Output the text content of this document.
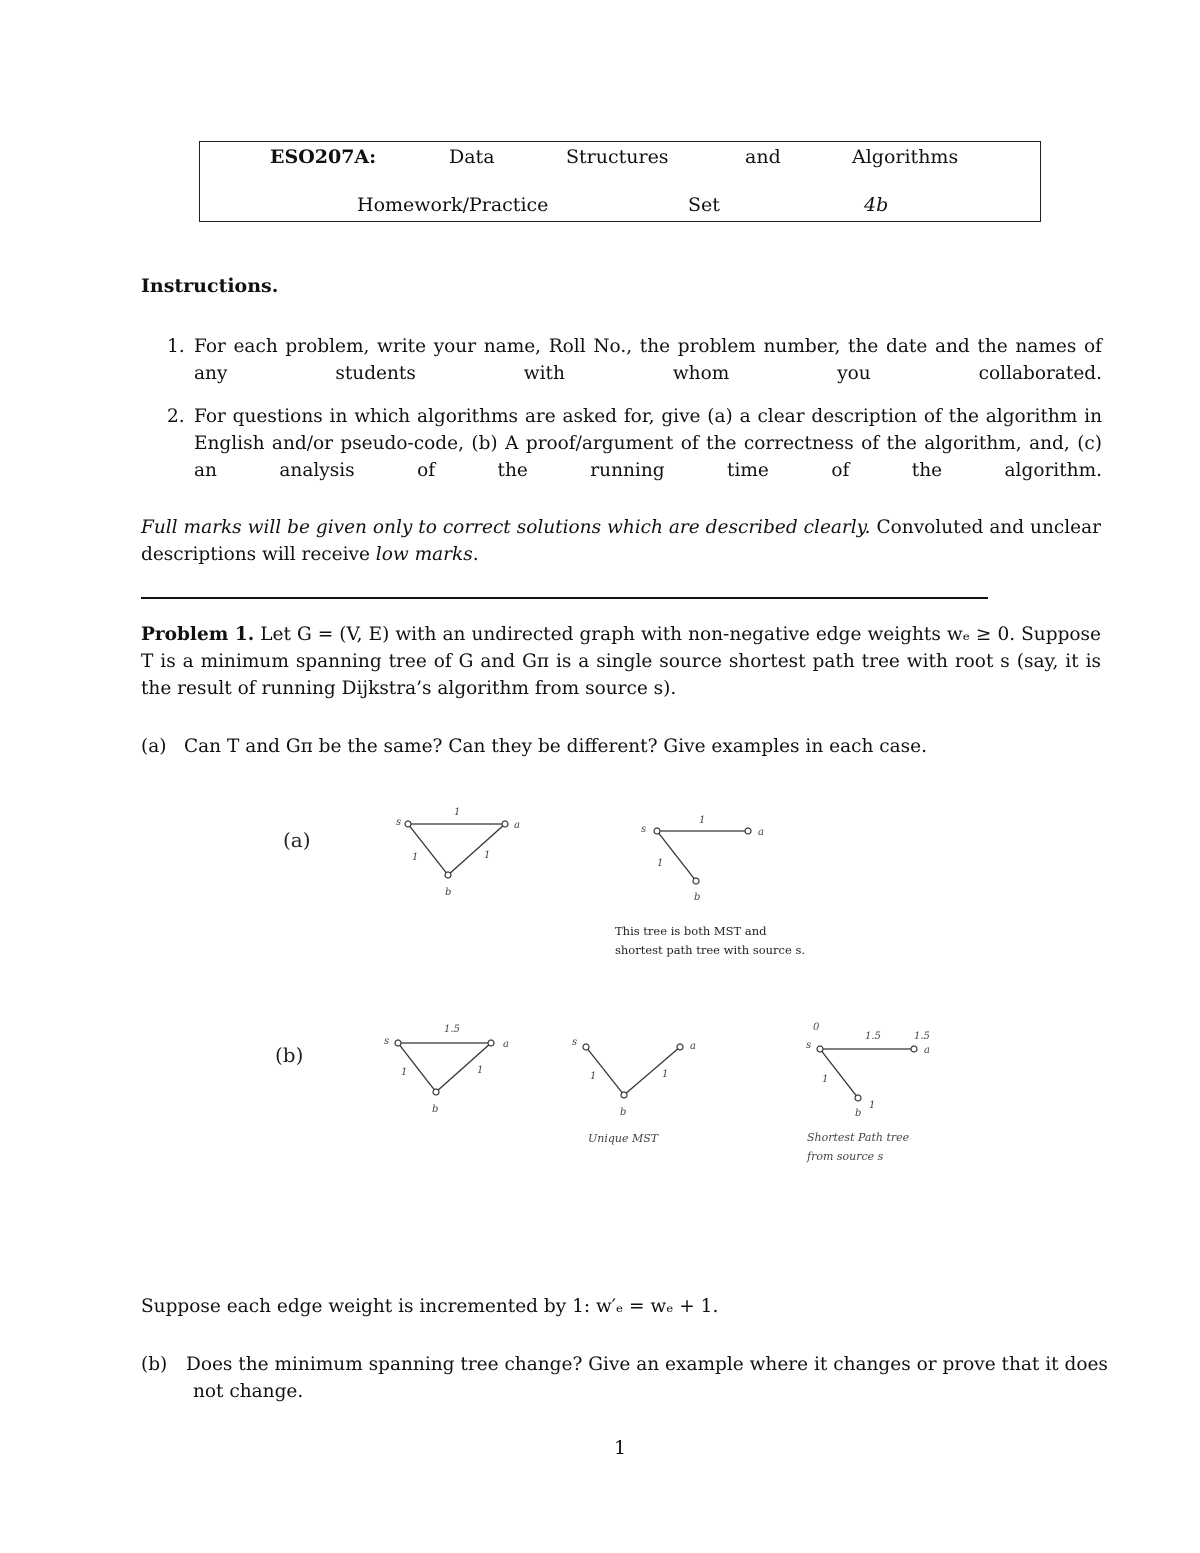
ESO207A:	Data	Structures	and	Algorithms
Homework/Practice	Set	4b
Instructions.
1. For each problem, write your name, Roll No., the problem number, the date and the names of
any students with whom you collaborated.
2. For questions in which algorithms are asked for, give (a) a clear description of the algorithm in
English and/or pseudo-code, (b) A proof/argument of the correctness of the algorithm, and, (c)
an analysis of the running time of the algorithm.
Full marks will be given only to correct solutions which are described clearly. Convoluted and unclear
descriptions will receive low marks.
Problem 1. Let G = (V, E) with an undirected graph with non-negative edge weights wₑ ≥ 0. Suppose
T is a minimum spanning tree of G and Gπ is a single source shortest path tree with root s (say, it is
the result of running Dijkstra’s algorithm from source s).
(a) Can T and Gπ be the same? Can they be different? Give examples in each case.
(a)
(b)
s	a
b
1
1	1
s	a
b
1
1
This tree is both MST and
shortest path tree with source s.
s	a
b
1.5
1	1
s	a
b
1	1
Unique MST
s	a
b
0
1.5	1.5
1
1
Shortest Path tree
from source s
Suppose each edge weight is incremented by 1: w′ₑ = wₑ + 1.
(b) Does the minimum spanning tree change? Give an example where it changes or prove that it does
not change.
1
